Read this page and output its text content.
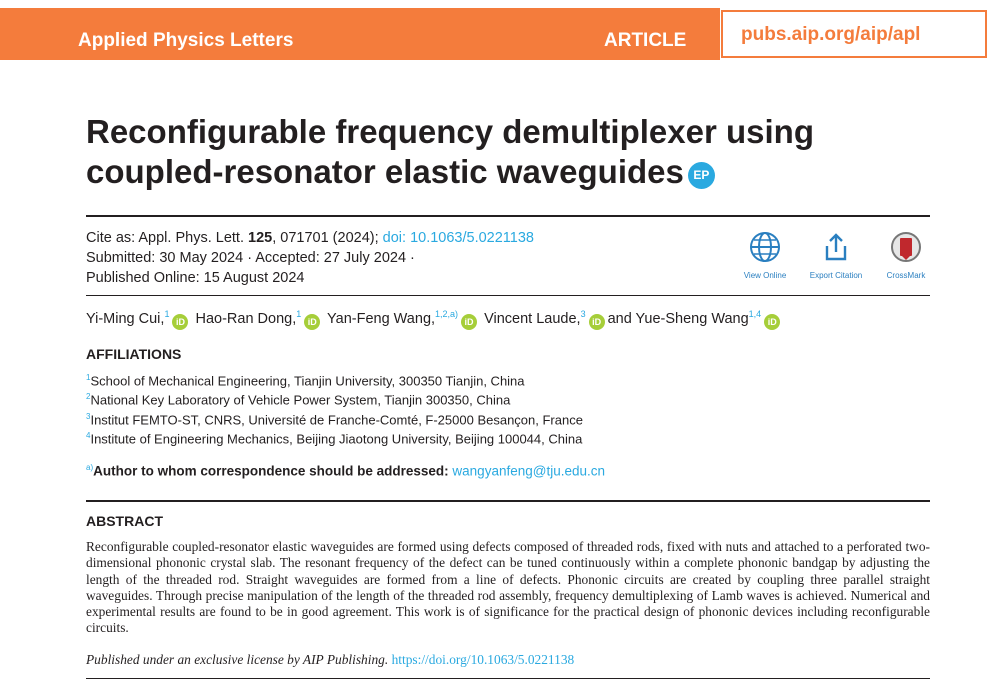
Applied Physics Letters	ARTICLE	pubs.aip.org/aip/apl
Reconfigurable frequency demultiplexer using
coupled-resonator elastic waveguides EP
Cite as: Appl. Phys. Lett. 125, 071701 (2024); doi: 10.1063/5.0221138
Submitted: 30 May 2024 · Accepted: 27 July 2024 ·
Published Online: 15 August 2024	View Online	Export Citation	CrossMark
Yi-Ming Cui,$^1$iD Hao-Ran Dong,$^1$iD Yan-Feng Wang,$^{1,2,a)}$iD Vincent Laude,$^3$iD and Yue-Sheng Wang$^{1,4}$iD
AFFILIATIONS
$^1$School of Mechanical Engineering, Tianjin University, 300350 Tianjin, China
$^2$National Key Laboratory of Vehicle Power System, Tianjin 300350, China
$^3$Institut FEMTO-ST, CNRS, Université de Franche-Comté, F-25000 Besançon, France
$^4$Institute of Engineering Mechanics, Beijing Jiaotong University, Beijing 100044, China
$^{a)}$Author to whom correspondence should be addressed: wangyanfeng@tju.edu.cn
ABSTRACT
Reconfigurable coupled-resonator elastic waveguides are formed using defects composed of threaded rods, fixed with nuts and attached to a perforated two-dimensional phononic crystal slab. The resonant frequency of the defect can be tuned continuously within a complete phononic bandgap by adjusting the length of the threaded rod. Straight waveguides are formed from a line of defects. Phononic circuits are created by coupling three parallel straight waveguides. Through precise manipulation of the length of the threaded rod assembly, frequency demultiplexing of Lamb waves is achieved. Numerical and experimental results are found to be in good agreement. This work is of significance for the practical design of phononic devices including reconfigurable circuits.
Published under an exclusive license by AIP Publishing. https://doi.org/10.1063/5.0221138
